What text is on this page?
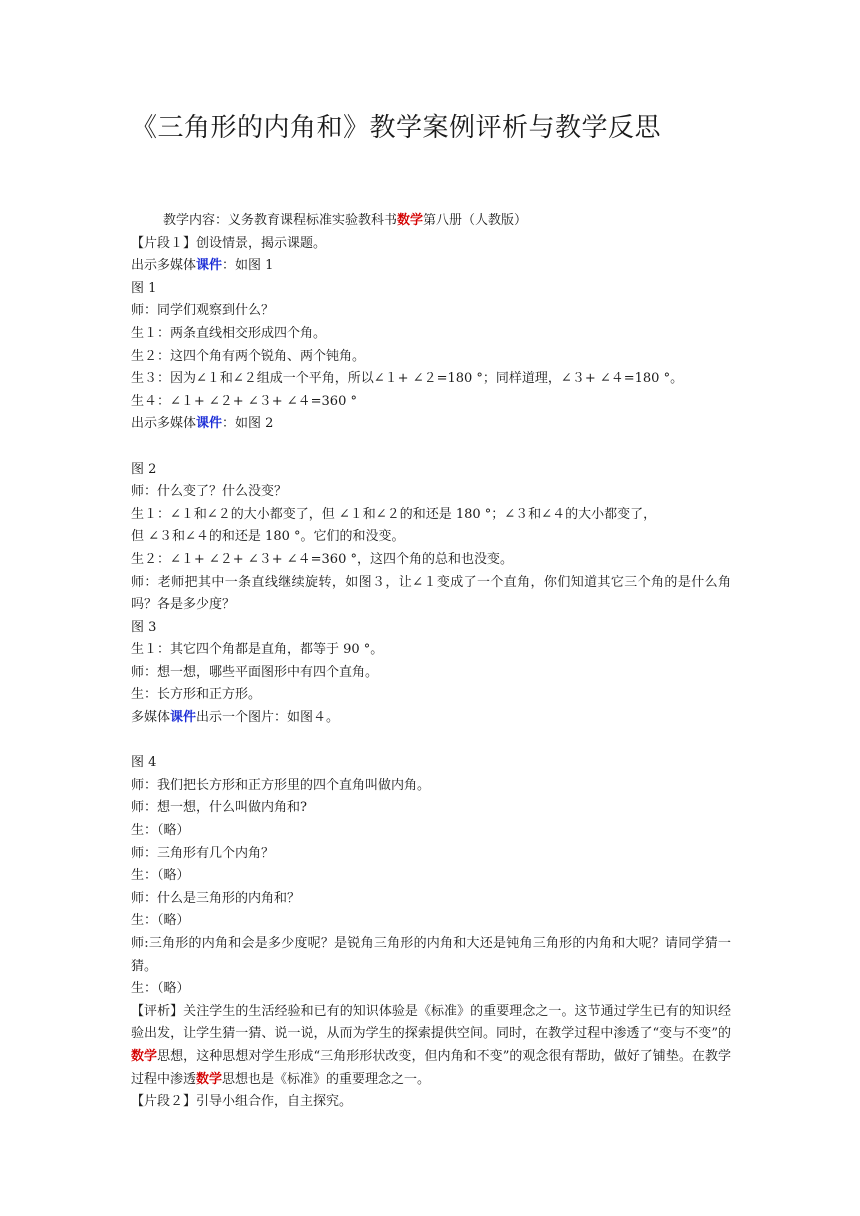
《三角形的内角和》教学案例评析与教学反思
教学内容：义务教育课程标准实验教科书数学第八册（人教版）
【片段１】创设情景，揭示课题。
出示多媒体课件：如图 1
图 1
师：同学们观察到什么？
生１：两条直线相交形成四个角。
生２：这四个角有两个锐角、两个钝角。
生３：因为∠１和∠２组成一个平角，所以∠１+ ∠２=180 °；同样道理，∠３+ ∠４=180 °。
生４：∠１+ ∠２+ ∠３+ ∠４=360 °
出示多媒体课件：如图 2
图 2
师：什么变了？什么没变？
生１：∠１和∠２的大小都变了，但 ∠１和∠２的和还是 180 °；∠３和∠４的大小都变了，
但 ∠３和∠４的和还是 180 °。它们的和没变。
生２：∠１+ ∠２+ ∠３+ ∠４=360 °，这四个角的总和也没变。
师：老师把其中一条直线继续旋转，如图３，让∠１变成了一个直角，你们知道其它三个角的是什么角吗？各是多少度？
图 3
生１：其它四个角都是直角，都等于 90 °。
师：想一想，哪些平面图形中有四个直角。
生：长方形和正方形。
多媒体课件出示一个图片：如图４。
图 4
师：我们把长方形和正方形里的四个直角叫做内角。
师：想一想，什么叫做内角和?
生：（略）
师：三角形有几个内角？
生：（略）
师：什么是三角形的内角和？
生：（略）
师:三角形的内角和会是多少度呢？是锐角三角形的内角和大还是钝角三角形的内角和大呢？请同学猜一猜。
生：（略）
【评析】关注学生的生活经验和已有的知识体验是《标准》的重要理念之一。这节通过学生已有的知识经验出发，让学生猜一猜、说一说，从而为学生的探索提供空间。同时，在教学过程中渗透了“变与不变”的数学思想，这种思想对学生形成“三角形形状改变，但内角和不变”的观念很有帮助，做好了铺垫。在教学过程中渗透数学思想也是《标准》的重要理念之一。
【片段２】引导小组合作，自主探究。
